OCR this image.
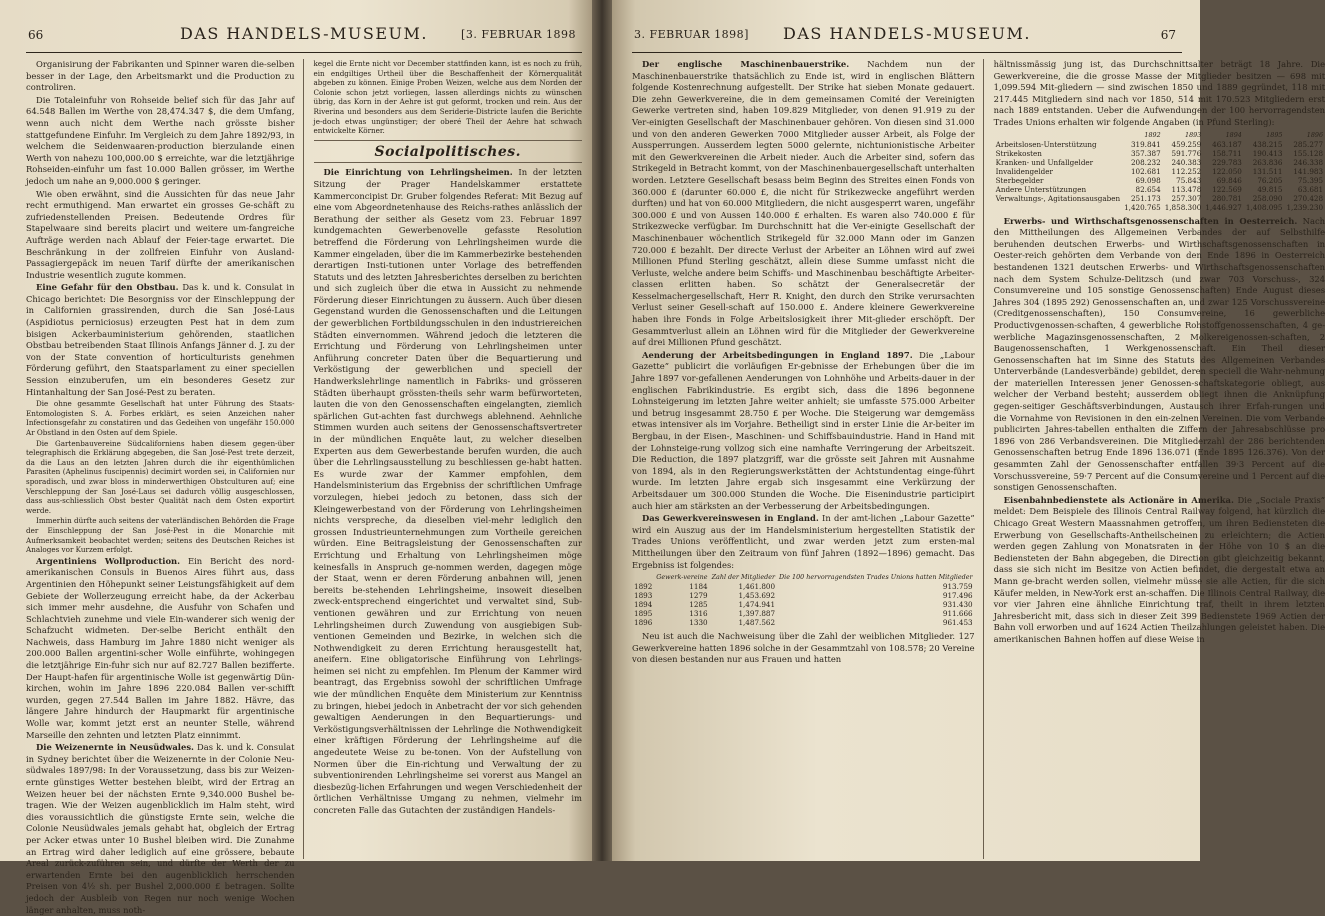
66	DAS HANDELS-MUSEUM.	[3. FEBRUAR 1898

Organisirung der Fabrikanten und Spinner waren die-selben besser in der Lage, den Arbeitsmarkt und die Production zu controliren.

Die Totaleinfuhr von Rohseide belief sich für das Jahr auf 64.548 Ballen im Werthe von 28,474.347 $, die dem Umfang, wenn auch nicht dem Werthe nach grösste bisher stattgefundene Einfuhr. Im Vergleich zu dem Jahre 1892/93, in welchem die Seidenwaaren-production bierzulande einen Werth von nahezu 100,000.00 $ erreichte, war die letztjährige Rohseiden-einfuhr um fast 10.000 Ballen grösser, im Werthe jedoch um nahe an 9,000.000 $ geringer.

Wie oben erwähnt, sind die Aussichten für das neue Jahr recht ermuthigend. Man erwartet ein grosses Ge-schäft zu zufriedenstellenden Preisen. Bedeutende Ordres für Stapelwaare sind bereits placirt und weitere um-fangreiche Aufträge werden nach Ablauf der Feier-tage erwartet. Die Beschränkung in der zollfreien Einfuhr von Ausland-Passagiergepäck im neuen Tarif dürfte der amerikanischen Industrie wesentlich zugute kommen.

Eine Gefahr für den Obstbau. Das k. und k. Consulat in Chicago berichtet: Die Besorgniss vor der Einschleppung der in Californien grassirenden, durch die San José-Laus (Aspidiotus perniciosus) erzeugten Pest hat in dem zum bisigen Ackerbauministerium gehörenden, staatlichen Obstbau betreibenden Staat Illinois Anfangs Jänner d. J. zu der von der State convention of horticulturists genehmen Förderung geführt, den Staatsparlament zu einer speciellen Session einzuberufen, um ein besonderes Gesetz zur Hintanhaltung der San José-Pest zu beraten.

Die ohne gesammte Gesellschaft hat unter Führung des Staats-Entomologisten S. A. Forbes erklärt, es seien Anzeichen naher Infectionsgefahr zu constatiren und das Gedeihen von ungefähr 150.000 Ar Obstland in den Osten auf dem Spiele.

Die Gartenbauvereine Südcaliforniens haben diesem gegen-über telegraphisch die Erklärung abgegeben, die San José-Pest trete derzeit, da die Laus an den letzten Jahren durch die ihr eigenthümlichen Parasiten (Aphelinus fuscipennis) decimirt worden sei, in Californien nur sporadisch, und zwar bloss in minderwerthigen Obstculturen auf; eine Verschleppung der San José-Laus sei dadurch völlig ausgeschlossen, dass aus-schliesslich Obst bester Qualität nach dem Osten exportirt werde.

Immerhin dürfte auch seitens der vaterländischen Behörden die Frage der Einschleppung der San José-Pest in die Monarchie mit Aufmerksamkeit beobachtet werden; seitens des Deutschen Reiches ist Analoges vor Kurzem erfolgt.

Argentiniens Wollproduction. Ein Bericht des nord-amerikanischen Consuls in Buenos Aires führt aus, dass Argentinien den Höhepunkt seiner Leistungsfähigkeit auf dem Gebiete der Wollerzeugung erreicht habe, da der Ackerbau sich immer mehr ausdehne, die Ausfuhr von Schafen und Schlachtvieh zunehme und viele Ein-wanderer sich wenig der Schafzucht widmeten. Der-selbe Bericht enthält den Nachweis, dass Hamburg im Jahre 1880 nicht weniger als 200.000 Ballen argentini-scher Wolle einführte, wohingegen die letztjährige Ein-fuhr sich nur auf 82.727 Ballen bezifferte. Der Haupt-hafen für argentinische Wolle ist gegenwärtig Dün-kirchen, wohin im Jahre 1896 220.084 Ballen ver-schifft wurden, gegen 27.544 Ballen im Jahre 1882. Hävre, das längere Jahre hindurch der Haupmarkt für argentinische Wolle war, kommt jetzt erst an neunter Stelle, während Marseille den zehnten und letzten Platz einnimmt.

Die Weizenernte in Neusüdwales. Das k. und k. Consulat in Sydney berichtet über die Weizenernte in der Colonie Neu-südwales 1897/98: In der Voraussetzung, dass bis zur Weizen-ernte günstiges Wetter bestehen bleibt, wird der Ertrag an Weizen heuer bei der nächsten Ernte 9,340.000 Bushel be-tragen. Wie der Weizen augenblicklich im Halm steht, wird dies voraussichtlich die günstigste Ernte sein, welche die Colonie Neusüdwales jemals gehabt hat, obgleich der Ertrag per Acker etwas unter 10 Bushel bleiben wird. Die Zunahme an Ertrag wird daher lediglich auf eine grössere, bebaute Areal zurück-zuführen sein, und dürfte der Werth der zu erwartenden Ernte bei den augenblicklich herrschenden Preisen von 4½ sh. per Bushel 2,000.000 £ betragen. Sollte jedoch der Ausbleib von Regen nur noch wenige Wochen länger anhalten, muss noth-

kegel die Ernte nicht vor December stattfinden kann, ist es noch zu früh, ein endgiltiges Urtheil über die Beschaffenheit der Körnerqualität abgeben zu können. Einige Proben Weizen, welche aus dem Norden der Colonie schon jetzt vorliegen, lassen allerdings nichts zu wünschen übrig, das Korn in der Aehre ist gut geformt, trocken und rein. Aus der Riverina und besonders aus dem Seriderie-Districte laufen die Berichte je-doch etwas ungünstiger; der oberé Theil der Aehre hat schwach entwickelte Körner.

Socialpolitisches.

Die Einrichtung von Lehrlingsheimen. In der letzten Sitzung der Prager Handelskammer erstattete Kammerconcipist Dr. Gruber folgendes Referat: Mit Bezug auf eine vom Abgeordnetenhause des Reichs-rathes anlässlich der Berathung der seither als Gesetz vom 23. Februar 1897 kundgemachten Gewerbenovelle gefasste Resolution betreffend die Förderung von Lehrlingsheimen wurde die Kammer eingeladen, über die im Kammerbezirke bestehenden derartigen Insti-tutionen unter Vorlage des betreffenden Statuts und des letzten Jahresberichtes derselben zu berichten und sich zugleich über die etwa in Aussicht zu nehmende Förderung dieser Einrichtungen zu äussern. Auch über diesen Gegenstand wurden die Genossenschaften und die Leitungen der gewerblichen Fortbildungsschulen in den industriereichen Städten einvernommen. Während jedoch die letzteren die Errichtung und Förderung von Lehrlingsheimen unter Anführung concreter Daten über die Bequartierung und Verköstigung der gewerblichen und speciell der Handwerkslehrlinge namentlich in Fabriks- und grösseren Städten überhaupt grössten-theils sehr warm befürworteten, lauten die von den Genossenschaften eingelangten, ziemlich spärlichen Gut-achten fast durchwegs ablehnend. Aehnliche Stimmen wurden auch seitens der Genossenschaftsvertreter in der mündlichen Enquête laut, zu welcher dieselben Experten aus dem Gewerbestande berufen wurden, die auch über die Lehrlingsausstellung zu beschliessen ge-habt hatten. Es wurde zwar der Kammer empfohlen, dem Handelsministerium das Ergebniss der schriftlichen Umfrage vorzulegen, hiebei jedoch zu betonen, dass sich der Kleingewerbestand von der Förderung von Lehrlingsheimen nichts verspreche, da dieselben viel-mehr lediglich den grossen Industrieunternehmungen zum Vortheile gereichen würden. Eine Beitragsleistung der Genossenschaften zur Errichtung und Erhaltung von Lehrlingsheimen möge keinesfalls in Anspruch ge-nommen werden, dagegen möge der Staat, wenn er deren Förderung anbahnen will, jenen bereits be-stehenden Lehrlingsheime, insoweit dieselben zweck-entsprechend eingerichtet und verwaltet sind, Sub-ventionen gewähren und zur Errichtung von neuen Lehrlingsheimen durch Zuwendung von ausgiebigen Sub-ventionen Gemeinden und Bezirke, in welchen sich die Nothwendigkeit zu deren Errichtung herausgestellt hat, aneifern. Eine obligatorische Einführung von Lehrlings-heimen sei nicht zu empfehlen. Im Plenum der Kammer wird beantragt, das Ergebniss sowohl der schriftlichen Umfrage wie der mündlichen Enquête dem Ministerium zur Kenntniss zu bringen, hiebei jedoch in Anbetracht der vor sich gehenden gewaltigen Aenderungen in den Bequartierungs- und Verköstigungsverhältnissen der Lehrlinge die Nothwendigkeit einer kräftigen Förderung der Lehrlingsheime auf die angedeutete Weise zu be-tonen. Von der Aufstellung von Normen über die Ein-richtung und Verwaltung der zu subventionirenden Lehrlingsheime sei vorerst aus Mangel an diesbezüg-lichen Erfahrungen und wegen Verschiedenheit der örtlichen Verhältnisse Umgang zu nehmen, vielmehr im concreten Falle das Gutachten der zuständigen Handels-

3. FEBRUAR 1898]	DAS HANDELS-MUSEUM.	67

Der englische Maschinenbauerstrike. Nachdem nun der Maschinenbauerstrike thatsächlich zu Ende ist, wird in englischen Blättern folgende Kostenrechnung aufgestellt. Der Strike hat sieben Monate gedauert. Die zehn Gewerkvereine, die in dem gemeinsamen Comité der Vereinigten Gewerke vertreten sind, haben 109.829 Mitglieder, von denen 91.919 zu der Ver-einigten Gesellschaft der Maschinenbauer gehören. Von diesen sind 31.000 und von den anderen Gewerken 7000 Mitglieder ausser Arbeit, als Folge der Aussperrungen. Ausserdem legten 5000 gelernte, nichtunionistische Arbeiter mit den Gewerkvereinen die Arbeit nieder. Auch die Arbeiter sind, sofern das Strikegeld in Betracht kommt, von der Maschinenbauergesellschaft unterhalten worden. Letztere Gesellschaft besass beim Beginn des Streites einen Fonds von 360.000 £ (darunter 60.000 £, die nicht für Strikezwecke angeführt werden durften) und hat von 60.000 Mitgliedern, die nicht ausgesperrt waren, ungefähr 300.000 £ und von Aussen 140.000 £ erhalten. Es waren also 740.000 £ für Strikezwecke verfügbar. Im Durchschnitt hat die Ver-einigte Gesellschaft der Maschinenbauer wöchentlich Strikegeld für 32.000 Mann oder im Ganzen 720.000 £ bezahlt. Der directe Verlust der Arbeiter an Löhnen wird auf zwei Millionen Pfund Sterling geschätzt, allein diese Summe umfasst nicht die Verluste, welche andere beim Schiffs- und Maschinenbau beschäftigte Arbeiter-classen erlitten haben. So schätzt der Generalsecretär der Kesselmachergesellschaft, Herr R. Knight, den durch den Strike verursachten Verlust seiner Gesell-schaft auf 150.000 £. Andere kleinere Gewerkvereine haben ihre Fonds in Folge Arbeitslosigkeit ihrer Mit-glieder erschöpft. Der Gesammtverlust allein an Löhnen wird für die Mitglieder der Gewerkvereine auf drei Millionen Pfund geschätzt.

Aenderung der Arbeitsbedingungen in England 1897. Die „Labour Gazette” publicirt die vorläufigen Er-gebnisse der Erhebungen über die im Jahre 1897 vor-gefallenen Aenderungen von Lohnhöhe und Arbeits-dauer in der englischen Fabrikindustrie. Es ergibt sich, dass die 1896 begonnene Lohnsteigerung im letzten Jahre weiter anhielt; sie umfasste 575.000 Arbeiter und betrug insgesammt 28.750 £ per Woche. Die Steigerung war demgemäss etwas intensiver als im Vorjahre. Betheiligt sind in erster Linie die Ar-beiter im Bergbau, in der Eisen-, Maschinen- und Schiffsbauindustrie. Hand in Hand mit der Lohnsteige-rung vollzog sich eine namhafte Verringerung der Arbeitszeit. Die Reduction, die 1897 platzgriff, war die grösste seit Jahren mit Ausnahme von 1894, als in den Regierungswerkstätten der Achtstundentag einge-führt wurde. Im letzten Jahre ergab sich insgesammt eine Verkürzung der Arbeitsdauer um 300.000 Stunden die Woche. Die Eisenindustrie participirt auch hier am stärksten an der Verbesserung der Arbeitsbedingungen.

Das Gewerkvereinswesen in England. In der amt-lichen „Labour Gazette” wird ein Auszug aus der im Handelsministerium hergestellten Statistik der Trades Unions veröffentlicht, und zwar werden jetzt zum ersten-mal Mittheilungen über den Zeitraum von fünf Jahren (1892—1896) gemacht. Das Ergebniss ist folgendes:

	Gewerk-vereine	Zahl der Mitglieder	Die 100 hervorragendsten Trades Unions hatten Mitglieder
1892	1184	1,461.800	913.759
1893	1279	1,453.692	917.496
1894	1285	1,474.941	931.430
1895	1316	1,397.887	911.666
1896	1330	1,487.562	961.453

Neu ist auch die Nachweisung über die Zahl der weiblichen Mitglieder. 127 Gewerkvereine hatten 1896 solche in der Gesammtzahl von 108.578; 20 Vereine von diesen bestanden nur aus Frauen und hatten

hältnissmässig jung ist, das Durchschnittsalter beträgt 18 Jahre. Die Gewerkvereine, die die grosse Masse der Mitglieder besitzen — 698 mit 1,099.594 Mit-gliedern — sind zwischen 1850 und 1889 gegründet, 118 mit 217.445 Mitgliedern sind nach vor 1850, 514 mit 170.523 Mitgliedern erst nach 1889 entstanden. Ueber die Aufwendungen der 100 hervorragendsten Trades Unions erhalten wir folgende Angaben (in Pfund Sterling):

	1892	1893	1894	1895	1896
Arbeitslosen-Unterstützung	319.841	459.259	463.187	438.215	285.277
Strikekosten	357.387	591.776	158.711	190.413	155.128
Kranken- und Unfallgelder	208.232	240.383	229.783	263.836	246.338
Invalidengelder	102.681	112.252	122.050	131.511	141.983
Sterbegelder	69.098	75.843	69.846	76.205	75.395
Andere Unterstützungen	82.654	113.478	122.569	49.815	63.681
Verwaltungs-, Agitationsausgaben	251.173	257.307	280.781	258.090	270.428
	1,420.765	1,858.300	1,446.927	1,408.095	1,239.230

Erwerbs- und Wirthschaftsgenossenschaften in Oesterreich. Nach den Mittheilungen des Allgemeinen Verbandes der auf Selbsthilfe beruhenden deutschen Erwerbs- und Wirthschaftsgenossenschaften in Oester-reich gehörten dem Verbande von den Ende 1896 in Oesterreich bestandenen 1321 deutschen Erwerbs- und Wirthschaftsgenossenschaften nach dem System Schulze-Delitzsch (und zwar 703 Vorschuss-, 324 Consumvereine und 105 sonstige Genossenschaften) Ende August dieses Jahres 304 (1895 292) Genossenschaften an, und zwar 125 Vorschussvereine (Creditgenossenschaften), 150 Consumvereine, 16 gewerbliche Productivgenossen-schaften, 4 gewerbliche Rohstoffgenossenschaften, 4 ge-werbliche Magazinsgenossenschaften, 2 Molkereigenossen-schaften, 2 Baugenossenschaften, 1 Werkgenossenschaft. Ein Theil dieser Genossenschaften hat im Sinne des Statuts des Allgemeinen Verbandes Unterverbände (Landesverbände) gebildet, deren speciell die Wahr-nehmung der materiellen Interessen jener Genossen-schaftskategorie obliegt, aus welcher der Verband besteht; ausserdem obliegt ihnen die Anknüpfung gegen-seitiger Geschäftsverbindungen, Austausch ihrer Erfah-rungen und die Vornahme von Revisionen in den ein-zelnen Vereinen. Die vom Verbande publicirten Jahres-tabellen enthalten die Ziffern der Jahresabschlüsse pro 1896 von 286 Verbandsvereinen. Die Mitgliederzahl der 286 berichtenden Genossenschaften betrug Ende 1896 136.071 (Ende 1895 126.376). Von der gesammten Zahl der Genossenschafter entfallen 39·3 Percent auf die Vorschussvereine, 59·7 Percent auf die Consumvereine und 1 Percent auf die sonstigen Genossenschaften.

Eisenbahnbedienstete als Actionäre in Amerika. Die „Sociale Praxis” meldet: Dem Beispiele des Illinois Central Railway folgend, hat kürzlich die Chicago Great Western Maassnahmen getroffen, um ihren Bediensteten die Erwerbung von Gesellschafts-Antheilscheinen zu erleichtern; die Actien werden gegen Zahlung von Monatsraten in der Höhe von 10 $ an die Bediensteten der Bahn abgegeben, die Direction gibt gleichzeitig bekannt, dass sie sich nicht im Besitze von Actien befindet, die dergestalt etwa an Mann ge-bracht werden sollen, vielmehr müsse sie alle Actien, für die sich Käufer melden, in New-York erst an-schaffen. Die Illinois Central Railway, die vor vier Jahren eine ähnliche Einrichtung traf, theilt in ihrem letzten Jahresbericht mit, dass sich in dieser Zeit 399 Bedienstete 1969 Actien der Bahn voll erworben und auf 1624 Actien Theilzahlungen geleistet haben. Die amerikanischen Bahnen hoffen auf diese Weise in
